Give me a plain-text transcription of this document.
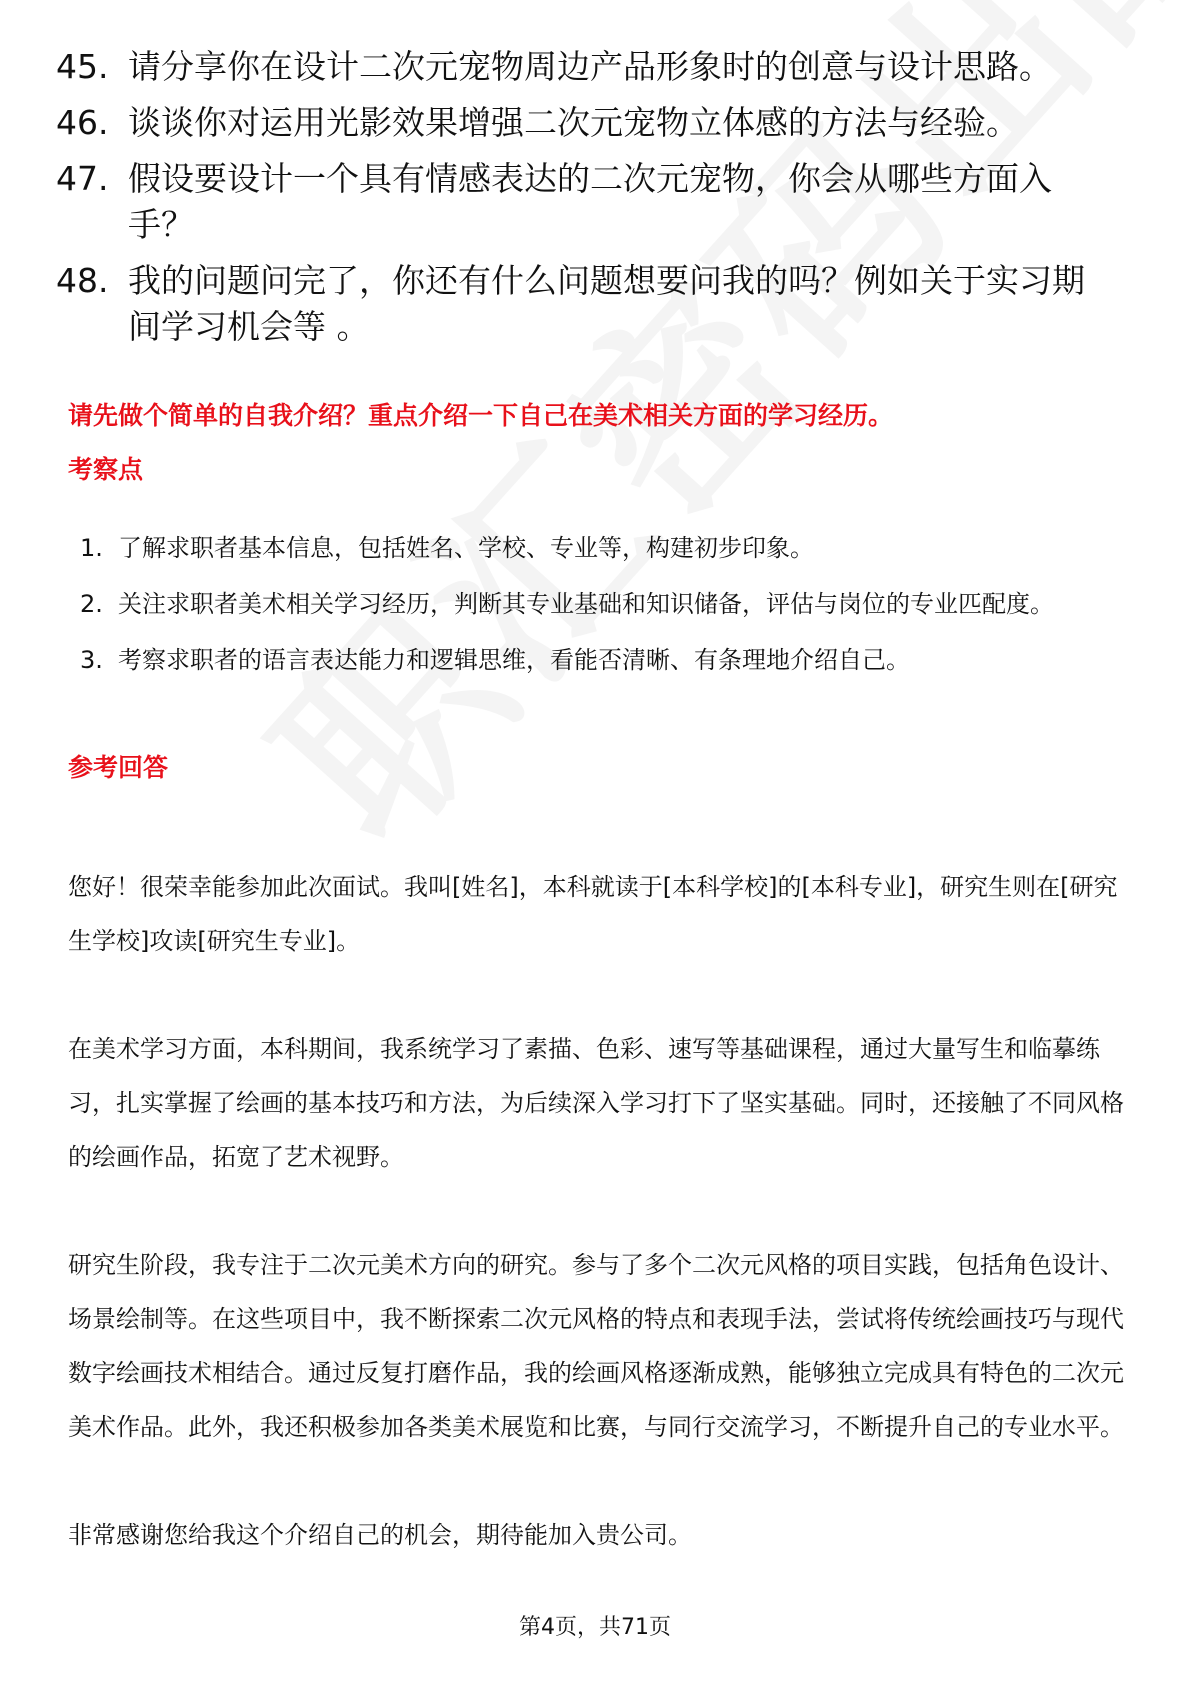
45. 请分享你在设计二次元宠物周边产品形象时的创意与设计思路。
46. 谈谈你对运用光影效果增强二次元宠物立体感的方法与经验。
47. 假设要设计一个具有情感表达的二次元宠物，你会从哪些方面入手？
48. 我的问题问完了，你还有什么问题想要问我的吗？例如关于实习期间学习机会等 。
请先做个简单的自我介绍？重点介绍一下自己在美术相关方面的学习经历。
考察点
1. 了解求职者基本信息，包括姓名、学校、专业等，构建初步印象。
2. 关注求职者美术相关学习经历，判断其专业基础和知识储备，评估与岗位的专业匹配度。
3. 考察求职者的语言表达能力和逻辑思维，看能否清晰、有条理地介绍自己。
参考回答

您好！很荣幸能参加此次面试。我叫[姓名]，本科就读于[本科学校]的[本科专业]，研究生则在[研究生学校]攻读[研究生专业]。

在美术学习方面，本科期间，我系统学习了素描、色彩、速写等基础课程，通过大量写生和临摹练习，扎实掌握了绘画的基本技巧和方法，为后续深入学习打下了坚实基础。同时，还接触了不同风格的绘画作品，拓宽了艺术视野。

研究生阶段，我专注于二次元美术方向的研究。参与了多个二次元风格的项目实践，包括角色设计、场景绘制等。在这些项目中，我不断探索二次元风格的特点和表现手法，尝试将传统绘画技巧与现代数字绘画技术相结合。通过反复打磨作品，我的绘画风格逐渐成熟，能够独立完成具有特色的二次元美术作品。此外，我还积极参加各类美术展览和比赛，与同行交流学习，不断提升自己的专业水平。

非常感谢您给我这个介绍自己的机会，期待能加入贵公司。

第4页，共71页
